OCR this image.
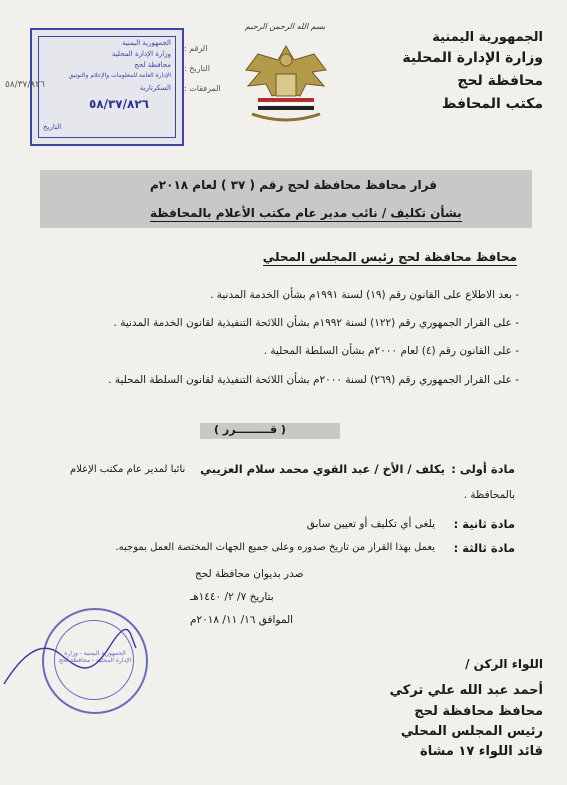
الجمهورية اليمنية
وزارة الإدارة المحلية
محافظة لحج
مكتب المحافظ
بسم الله الرحمن الرحيم
الجمهورية اليمنية
وزارة الإدارة المحلية
محافظة لحج
الإدارة العامة للمعلومات والإعلام والتوثيق
السكرتارية
٥٨/٣٧/٨٢٦
التاريخ
الرقم :
التاريخ :
المرفقات :
٥٨/٣٧/٨٢٦
قرار محافظ محافظة لحج رقم ( ٣٧ ) لعام ٢٠١٨م
بشأن تكليف / نائب مدير عام مكتب الأعلام بالمحافظة
محافظ محافظة لحج رئيس المجلس المحلي
- بعد الاطلاع على القانون رقم (١٩) لسنة ١٩٩١م بشأن الخدمة المدنية .
- على القرار الجمهوري رقم (١٢٢) لسنة ١٩٩٢م بشأن اللائحة التنفيذية لقانون الخدمة المدنية .
- على القانون رقم (٤) لعام ٢٠٠٠م بشأن السلطة المحلية .
- على القرار الجمهوري رقم (٢٦٩) لسنة ٢٠٠٠م بشأن اللائحة التنفيذية لقانون السلطة المحلية .
( قـــــــــرر )
مادة أولى :
يكلف / الأخ / عبد القوي محمد سلام العزيبي
نائبا لمدير عام مكتب الإعلام
بالمحافظة .
مادة ثانية :
يلغى أي تكليف أو تعيين سابق
مادة ثالثة :
يعمل بهذا القرار من تاريخ صدوره وعلى جميع الجهات المختصة العمل بموجبه.
صدر بديوان محافظة لحج
بتاريخ ٧/ ٢/ ١٤٤٠هـ
الموافق ١٦/ ١١/ ٢٠١٨م
الجمهورية اليمنية - وزارة الإدارة المحلية - محافظة لحج	اللواء الركن /
أحمد عبد الله علي تركي
محافظ محافظة لحج
رئيس المجلس المحلي
قائد اللواء ١٧ مشاة
